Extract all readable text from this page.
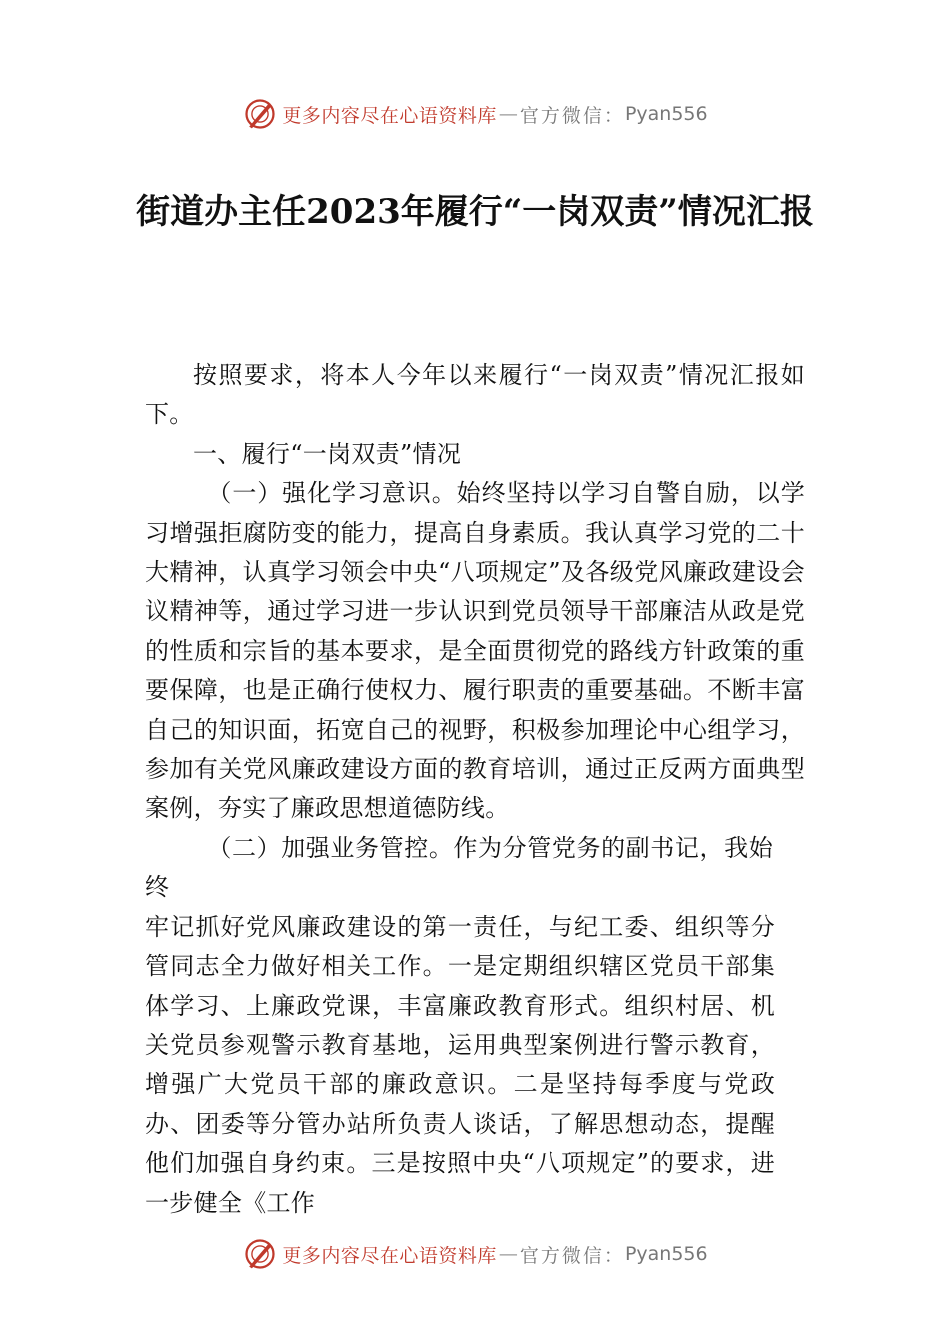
更多内容尽在心语资料库 — 官方微信： Pyan556
街道办主任2023年履行“一岗双责”情况汇报

按照要求，将本人今年以来履行“一岗双责”情况汇报如下。

一、履行“一岗双责”情况

（一）强化学习意识。始终坚持以学习自警自励，以学习增强拒腐防变的能力，提高自身素质。我认真学习党的二十大精神，认真学习领会中央“八项规定”及各级党风廉政建设会议精神等，通过学习进一步认识到党员领导干部廉洁从政是党的性质和宗旨的基本要求，是全面贯彻党的路线方针政策的重要保障，也是正确行使权力、履行职责的重要基础。不断丰富自己的知识面，拓宽自己的视野，积极参加理论中心组学习，参加有关党风廉政建设方面的教育培训，通过正反两方面典型案例，夯实了廉政思想道德防线。

（二）加强业务管控。作为分管党务的副书记，我始终

牢记抓好党风廉政建设的第一责任，与纪工委、组织等分管同志全力做好相关工作。一是定期组织辖区党员干部集体学习、上廉政党课，丰富廉政教育形式。组织村居、机关党员参观警示教育基地，运用典型案例进行警示教育，增强广大党员干部的廉政意识。二是坚持每季度与党政办、团委等分管办站所负责人谈话，了解思想动态，提醒他们加强自身约束。三是按照中央“八项规定”的要求，进一步健全《工作

更多内容尽在心语资料库 — 官方微信： Pyan556
